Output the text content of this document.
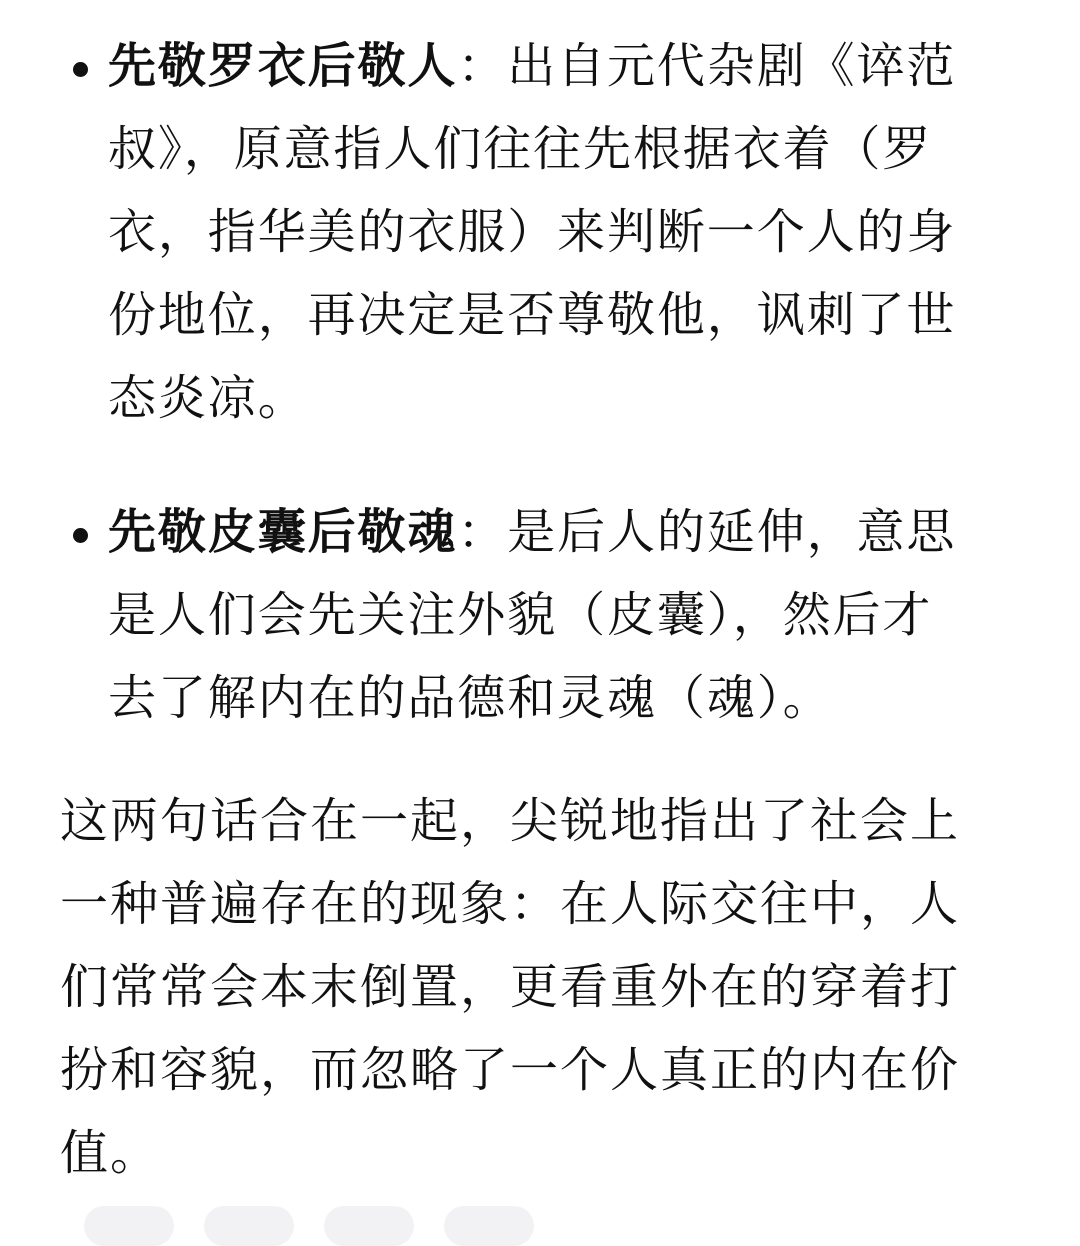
先敬罗衣后敬人：出自元代杂剧《谇范叔》，原意指人们往往先根据衣着（罗衣，指华美的衣服）来判断一个人的身份地位，再决定是否尊敬他，讽刺了世态炎凉。
先敬皮囊后敬魂：是后人的延伸，意思是人们会先关注外貌（皮囊），然后才去了解内在的品德和灵魂（魂）。

这两句话合在一起，尖锐地指出了社会上一种普遍存在的现象：在人际交往中，人们常常会本末倒置，更看重外在的穿着打扮和容貌，而忽略了一个人真正的内在价值。
